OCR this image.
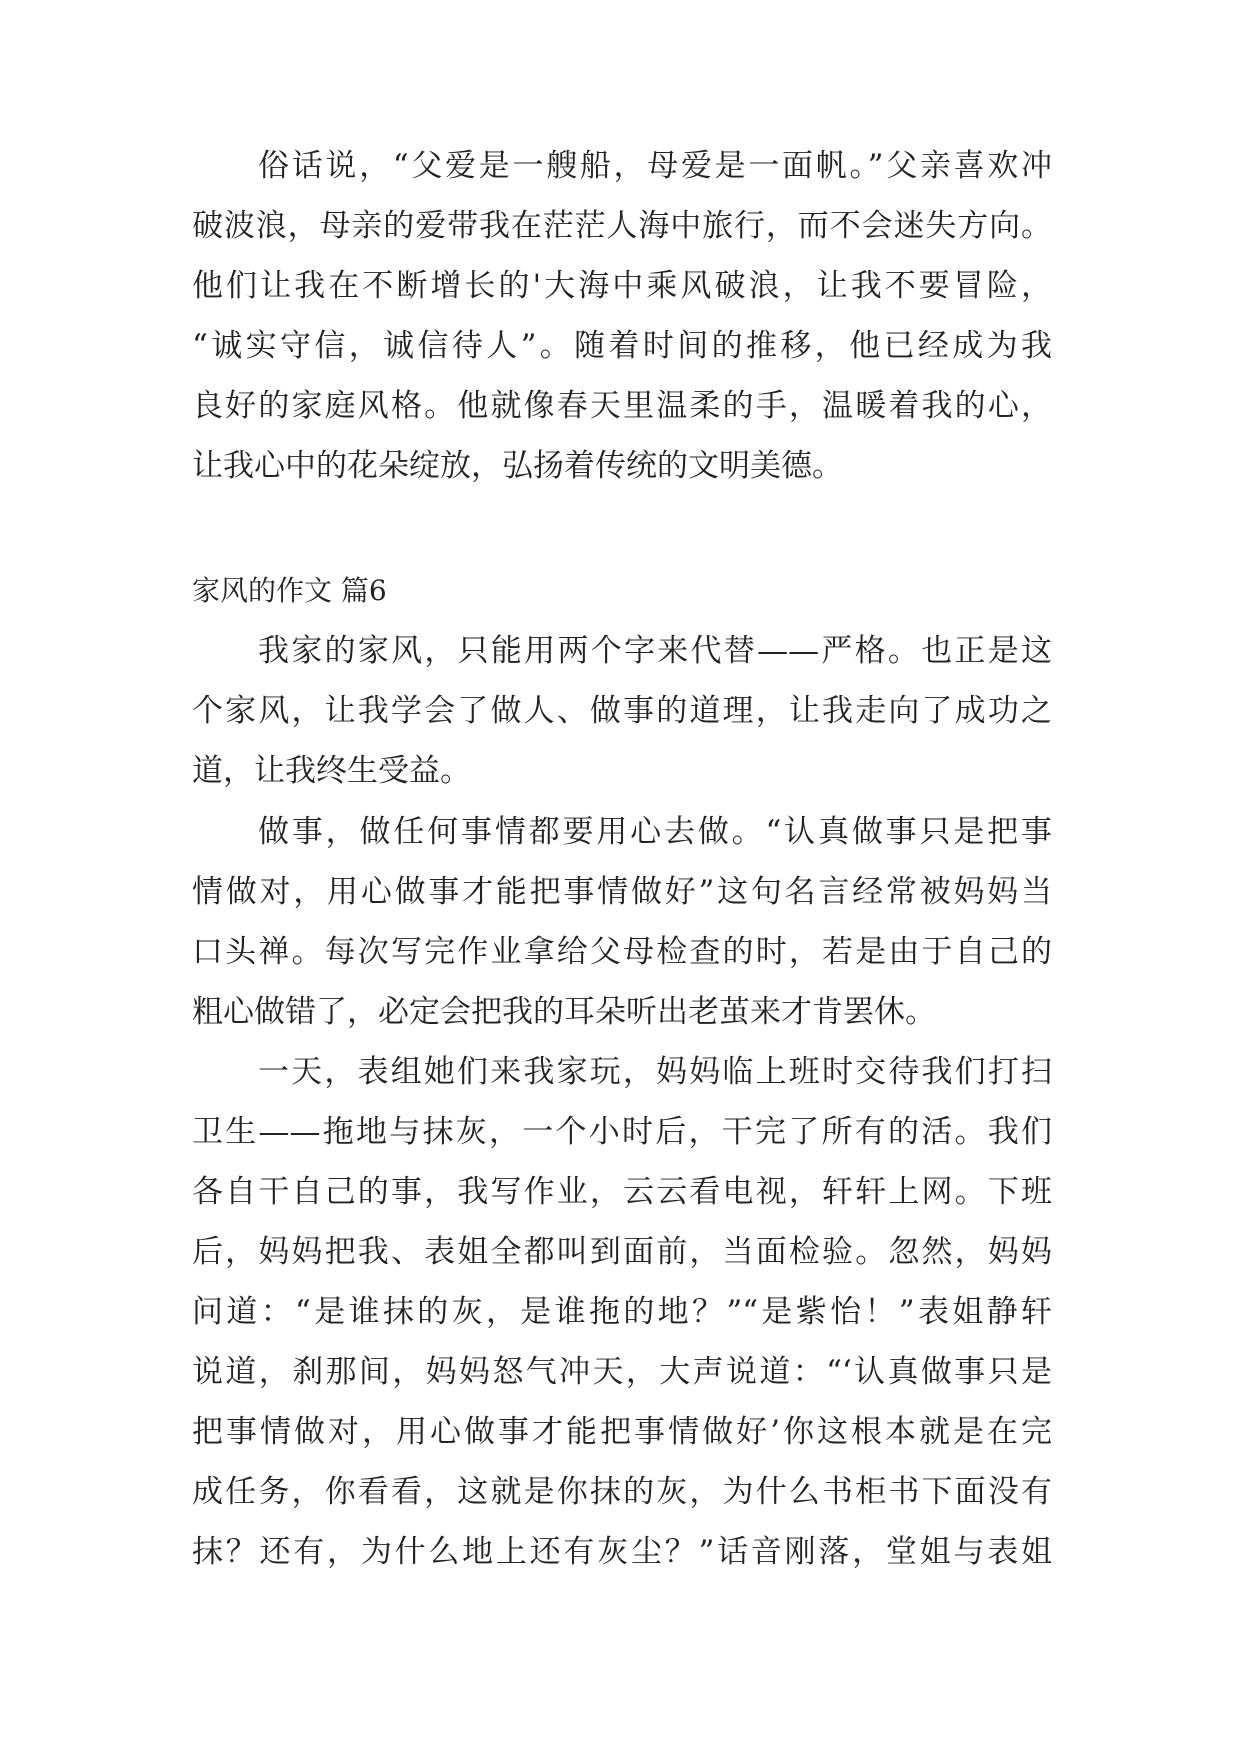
俗话说，“父爱是一艘船，母爱是一面帆。”父亲喜欢冲
破波浪，母亲的爱带我在茫茫人海中旅行，而不会迷失方向。
他们让我在不断增长的'大海中乘风破浪，让我不要冒险，
“诚实守信，诚信待人”。随着时间的推移，他已经成为我
良好的家庭风格。他就像春天里温柔的手，温暖着我的心，
让我心中的花朵绽放，弘扬着传统的文明美德。
家风的作文 篇6
我家的家风，只能用两个字来代替——严格。也正是这
个家风，让我学会了做人、做事的道理，让我走向了成功之
道，让我终生受益。
做事，做任何事情都要用心去做。“认真做事只是把事
情做对，用心做事才能把事情做好”这句名言经常被妈妈当
口头禅。每次写完作业拿给父母检查的时，若是由于自己的
粗心做错了，必定会把我的耳朵听出老茧来才肯罢休。
一天，表组她们来我家玩，妈妈临上班时交待我们打扫
卫生——拖地与抹灰，一个小时后，干完了所有的活。我们
各自干自己的事，我写作业，云云看电视，轩轩上网。下班
后，妈妈把我、表姐全都叫到面前，当面检验。忽然，妈妈
问道：“是谁抹的灰，是谁拖的地？”“是紫怡！”表姐静轩
说道，刹那间，妈妈怒气冲天，大声说道：“‘认真做事只是
把事情做对，用心做事才能把事情做好’你这根本就是在完
成任务，你看看，这就是你抹的灰，为什么书柜书下面没有
抹？还有，为什么地上还有灰尘？”话音刚落，堂姐与表姐
